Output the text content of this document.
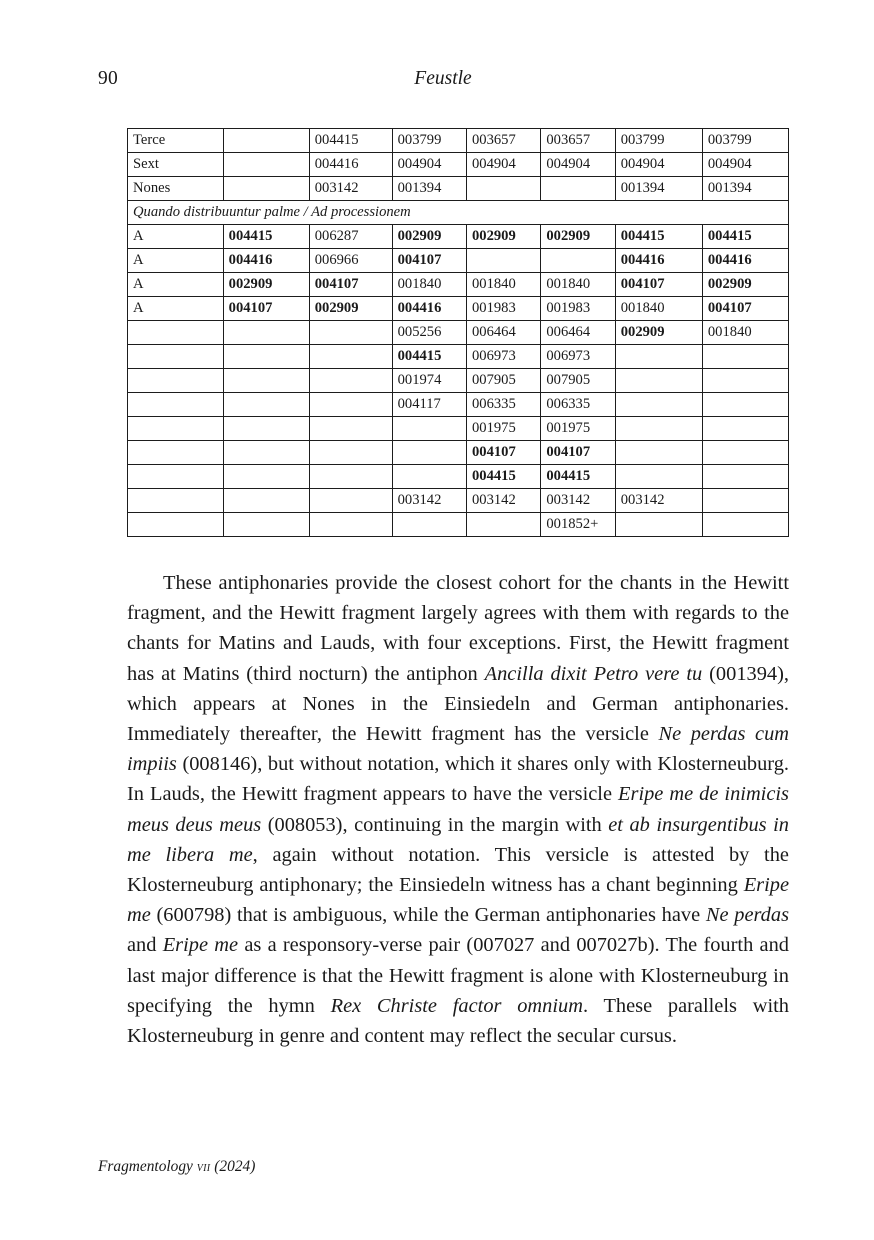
90	Feustle
Terce		004415	003799	003657	003657	003799	003799
Sext		004416	004904	004904	004904	004904	004904
Nones		003142	001394			001394	001394
Quando distribuuntur palme / Ad processionem							
A	004415	006287	002909	002909	002909	004415	004415
A	004416	006966	004107			004416	004416
A	002909	004107	001840	001840	001840	004107	002909
A	004107	002909	004416	001983	001983	001840	004107
			005256	006464	006464	002909	001840
			004415	006973	006973		
			001974	007905	007905		
			004117	006335	006335		
				001975	001975		
				004107	004107		
				004415	004415		
			003142	003142	003142	003142	
					001852+		

These antiphonaries provide the closest cohort for the chants in the Hewitt fragment, and the Hewitt fragment largely agrees with them with regards to the chants for Matins and Lauds, with four exceptions. First, the Hewitt fragment has at Matins (third nocturn) the antiphon Ancilla dixit Petro vere tu (001394), which appears at Nones in the Einsiedeln and German antiphonaries. Immediately thereafter, the Hewitt fragment has the versicle Ne perdas cum impiis (008146), but without notation, which it shares only with Klosterneuburg. In Lauds, the Hewitt fragment appears to have the versicle Eripe me de inimicis meus deus meus (008053), continuing in the margin with et ab insurgentibus in me libera me, again without notation. This versicle is attested by the Klosterneuburg antiphonary; the Einsiedeln witness has a chant beginning Eripe me (600798) that is ambiguous, while the German antiphonaries have Ne perdas and Eripe me as a responsory-verse pair (007027 and 007027b). The fourth and last major difference is that the Hewitt fragment is alone with Klosterneuburg in specifying the hymn Rex Christe factor omnium. These parallels with Klosterneuburg in genre and content may reflect the secular cursus.

Fragmentology vii (2024)
